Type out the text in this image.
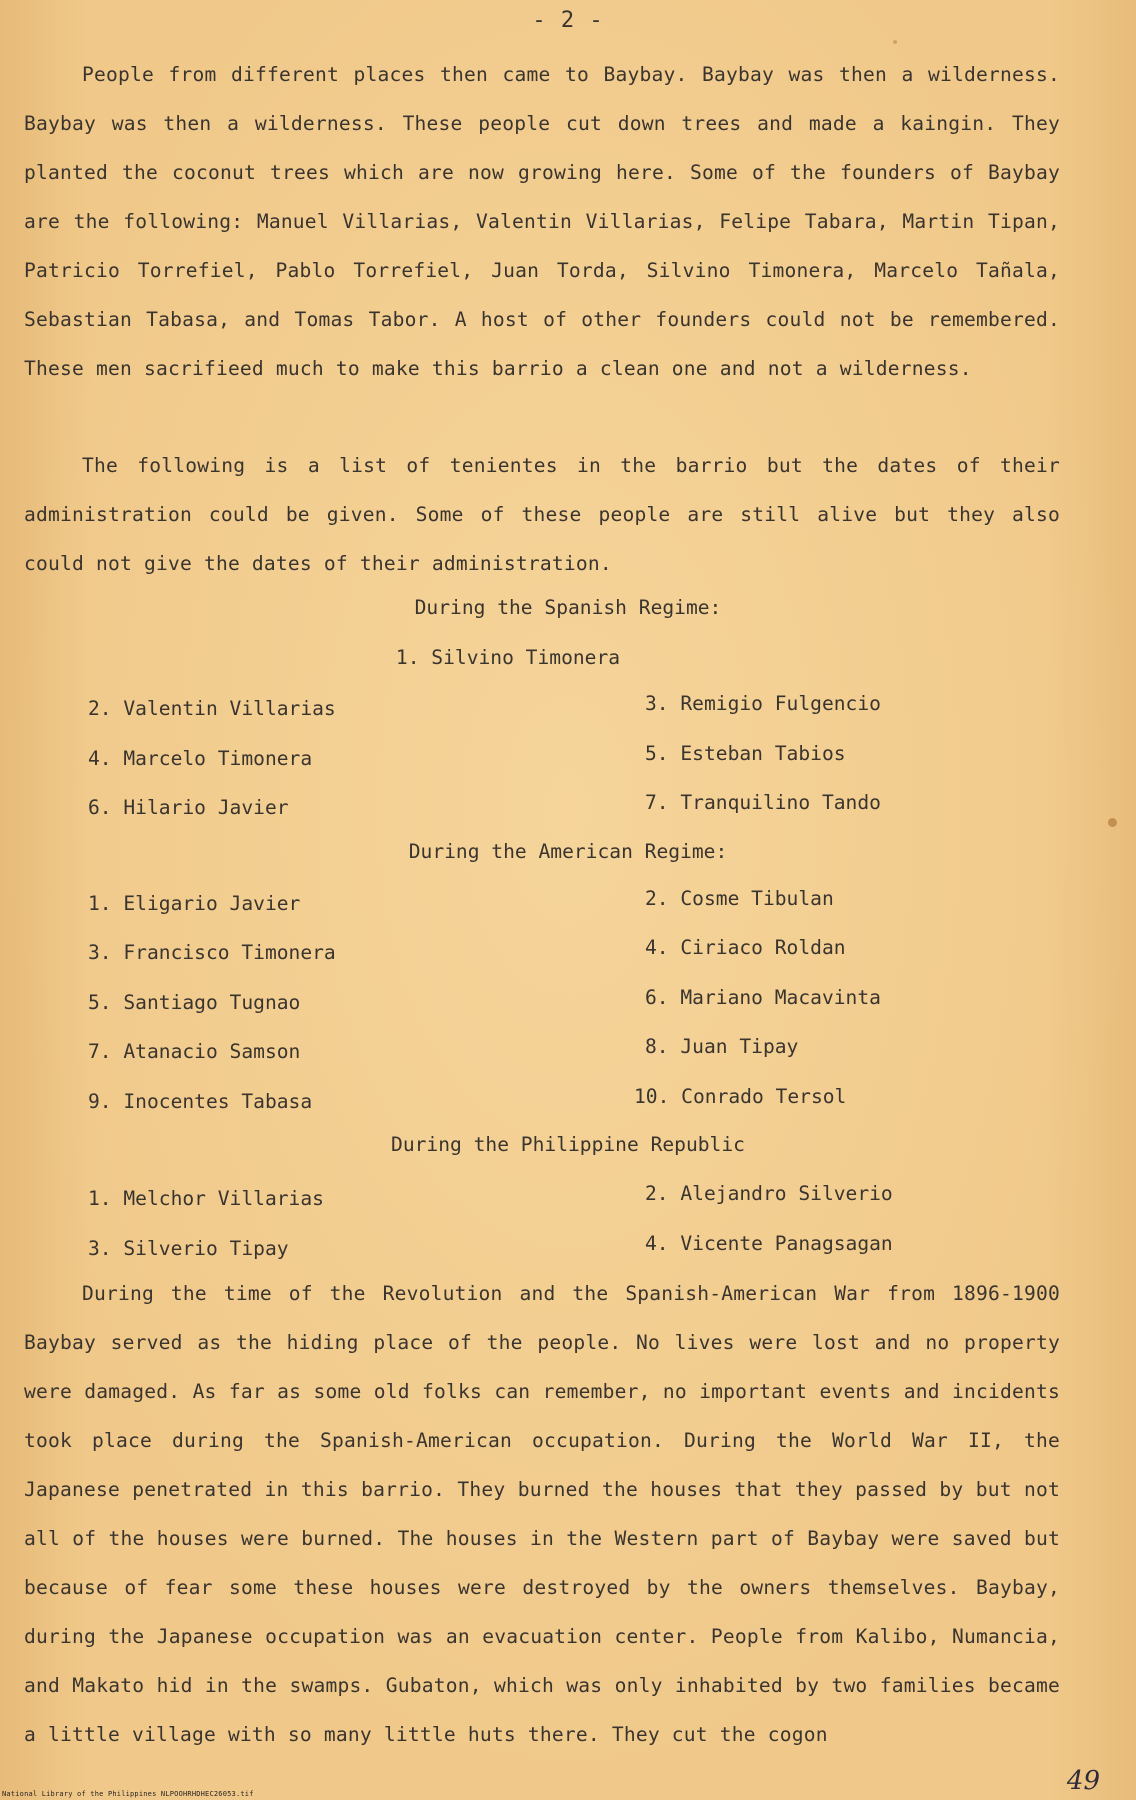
- 2 -

People from different places then came to Baybay. Baybay was then a wilderness. Baybay was then a wilderness. These people cut down trees and made a kaingin. They planted the coconut trees which are now growing here. Some of the founders of Baybay are the following: Manuel Villarias, Valentin Villarias, Felipe Tabara, Martin Tipan, Patricio Torrefiel, Pablo Torrefiel, Juan Torda, Silvino Timonera, Marcelo Tañala, Sebastian Tabasa, and Tomas Tabor. A host of other founders could not be remembered. These men sacrifieed much to make this barrio a clean one and not a wilderness.

The following is a list of tenientes in the barrio but the dates of their administration could be given. Some of these people are still alive but they also could not give the dates of their administration.

During the Spanish Regime:
1. Silvino Timonera
2. Valentin Villarias	3. Remigio Fulgencio
4. Marcelo Timonera	5. Esteban Tabios
6. Hilario Javier	7. Tranquilino Tando
During the American Regime:
1. Eligario Javier	2. Cosme Tibulan
3. Francisco Timonera	4. Ciriaco Roldan
5. Santiago Tugnao	6. Mariano Macavinta
7. Atanacio Samson	8. Juan Tipay
9. Inocentes Tabasa	10. Conrado Tersol
During the Philippine Republic
1. Melchor Villarias	2. Alejandro Silverio
3. Silverio Tipay	4. Vicente Panagsagan

During the time of the Revolution and the Spanish-American War from 1896-1900 Baybay served as the hiding place of the people. No lives were lost and no property were damaged. As far as some old folks can remember, no important events and incidents took place during the Spanish-American occupation. During the World War II, the Japanese penetrated in this barrio. They burned the houses that they passed by but not all of the houses were burned. The houses in the Western part of Baybay were saved but because of fear some these houses were destroyed by the owners themselves. Baybay, during the Japanese occupation was an evacuation center. People from Kalibo, Numancia, and Makato hid in the swamps. Gubaton, which was only inhabited by two families became a little village with so many little huts there. They cut the cogon

National Library of the Philippines NLPOOHRHDHEC26053.tif	49
